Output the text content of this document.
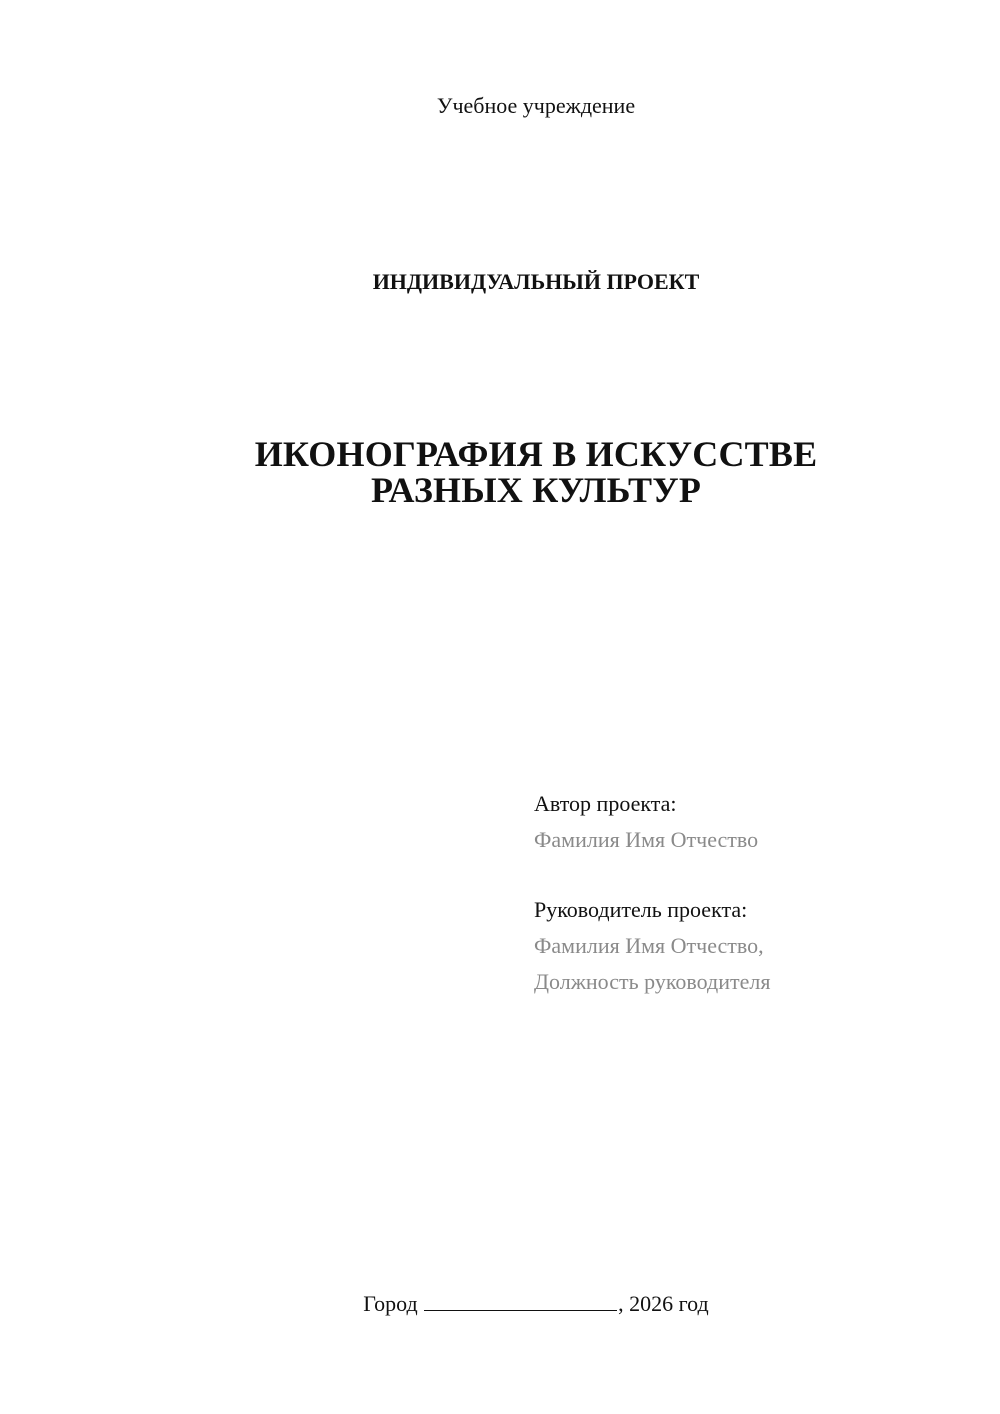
Учебное учреждение
ИНДИВИДУАЛЬНЫЙ ПРОЕКТ
ИКОНОГРАФИЯ В ИСКУССТВЕ
РАЗНЫХ КУЛЬТУР
Автор проекта:
Фамилия Имя Отчество
Руководитель проекта:
Фамилия Имя Отчество,
Должность руководителя
Город	, 2026 год
